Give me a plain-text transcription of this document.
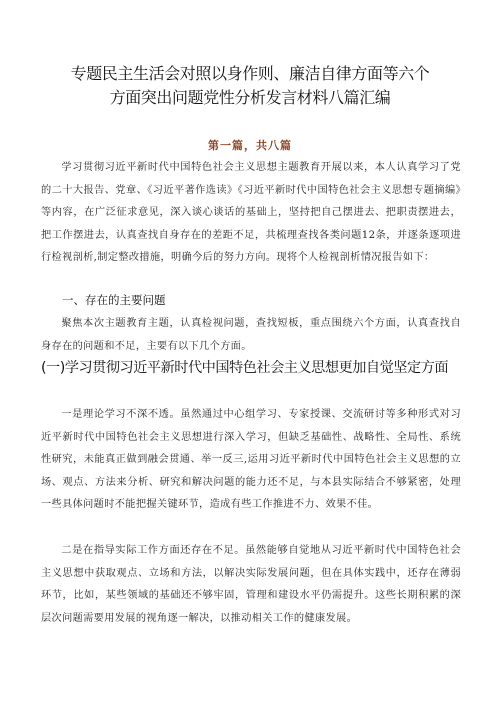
专题民主生活会对照以身作则、廉洁自律方面等六个
方面突出问题党性分析发言材料八篇汇编
第一篇，共八篇
学习贯彻习近平新时代中国特色社会主义思想主题教育开展以来，本人认真学习了党的二十大报告、党章、《习近平著作选读》《习近平新时代中国特色社会主义思想专题摘编》等内容，在广泛征求意见，深入谈心谈话的基础上，坚持把自己摆进去、把职责摆进去，把工作摆进去，认真查找自身存在的差距不足，共梳理查找各类问题12条，并逐条逐项进行检视剖析,制定整改措施，明确今后的努力方向。现将个人检视剖析情况报告如下：
一、存在的主要问题
聚焦本次主题教育主题，认真检视问题，查找短板，重点围绕六个方面，认真查找自身存在的问题和不足，主要有以下几个方面。
(一)学习贯彻习近平新时代中国特色社会主义思想更加自觉坚定方面
一是理论学习不深不透。虽然通过中心组学习、专家授课、交流研讨等多种形式对习近平新时代中国特色社会主义思想进行深入学习，但缺乏基础性、战略性、全局性、系统性研究，未能真正做到融会贯通、举一反三,运用习近平新时代中国特色社会主义思想的立场、观点、方法来分析、研究和解决问题的能力还不足，与本县实际结合不够紧密，处理一些具体问题时不能把握关键环节，造成有些工作推进不力、效果不佳。
二是在指导实际工作方面还存在不足。虽然能够自觉地从习近平新时代中国特色社会主义思想中获取观点、立场和方法，以解决实际发展问题，但在具体实践中，还存在薄弱环节，比如，某些领域的基础还不够牢固，管理和建设水平仍需提升。这些长期积累的深层次问题需要用发展的视角逐一解决，以推动相关工作的健康发展。
